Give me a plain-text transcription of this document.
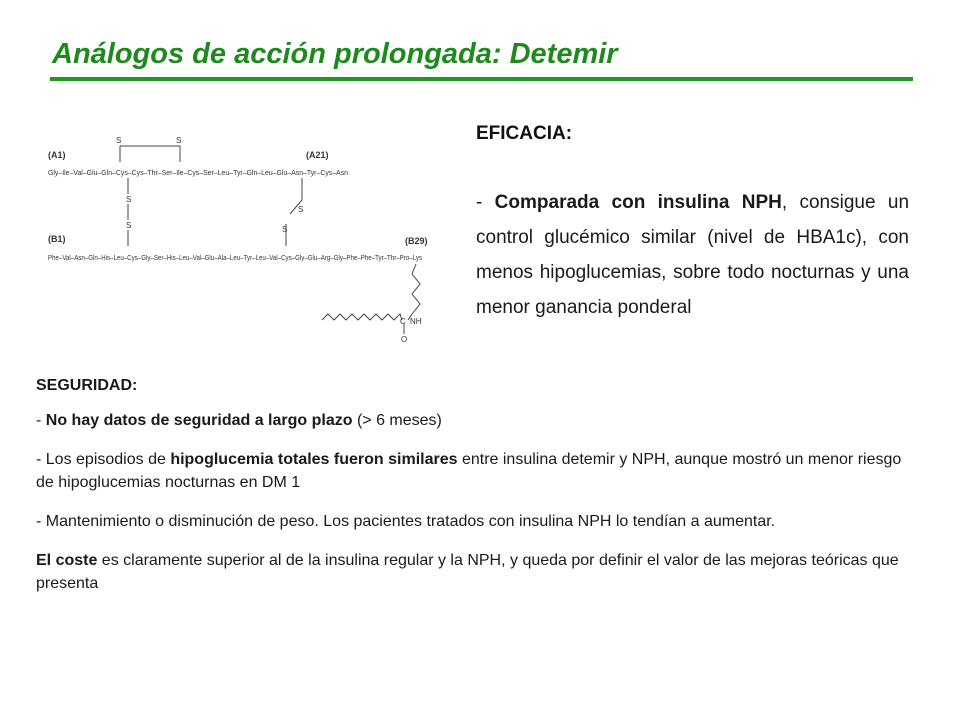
Análogos de acción prolongada: Detemir
S	S
(A1)	(A21)
Gly–Ile–Val–Glu–Gln–Cys–Cys–Thr–Ser–Ile–Cys–Ser–Leu–Tyr–Gln–Leu–Glu–Asn–Tyr–Cys–Asn
S
S
S
S
(B1)	(B29)
Phe–Val–Asn–Gln–His–Leu–Cys–Gly–Ser–His–Leu–Val–Glu–Ala–Leu–Tyr–Leu–Val–Cys–Gly–Glu–Arg–Gly–Phe–Phe–Tyr–Thr–Pro–Lys
C NH
O
EFICACIA:
- Comparada con insulina NPH, consigue un control glucémico similar (nivel de HBA1c), con menos hipoglucemias, sobre todo nocturnas y una menor ganancia ponderal

SEGURIDAD:

- No hay datos de seguridad a largo plazo (> 6 meses)

- Los episodios de hipoglucemia totales fueron similares entre insulina detemir y NPH, aunque mostró un menor riesgo de hipoglucemias nocturnas en DM 1

- Mantenimiento o disminución de peso. Los pacientes tratados con insulina NPH lo tendían a aumentar.

El coste es claramente superior al de la insulina regular y la NPH, y queda por definir el valor de las mejoras teóricas que presenta
